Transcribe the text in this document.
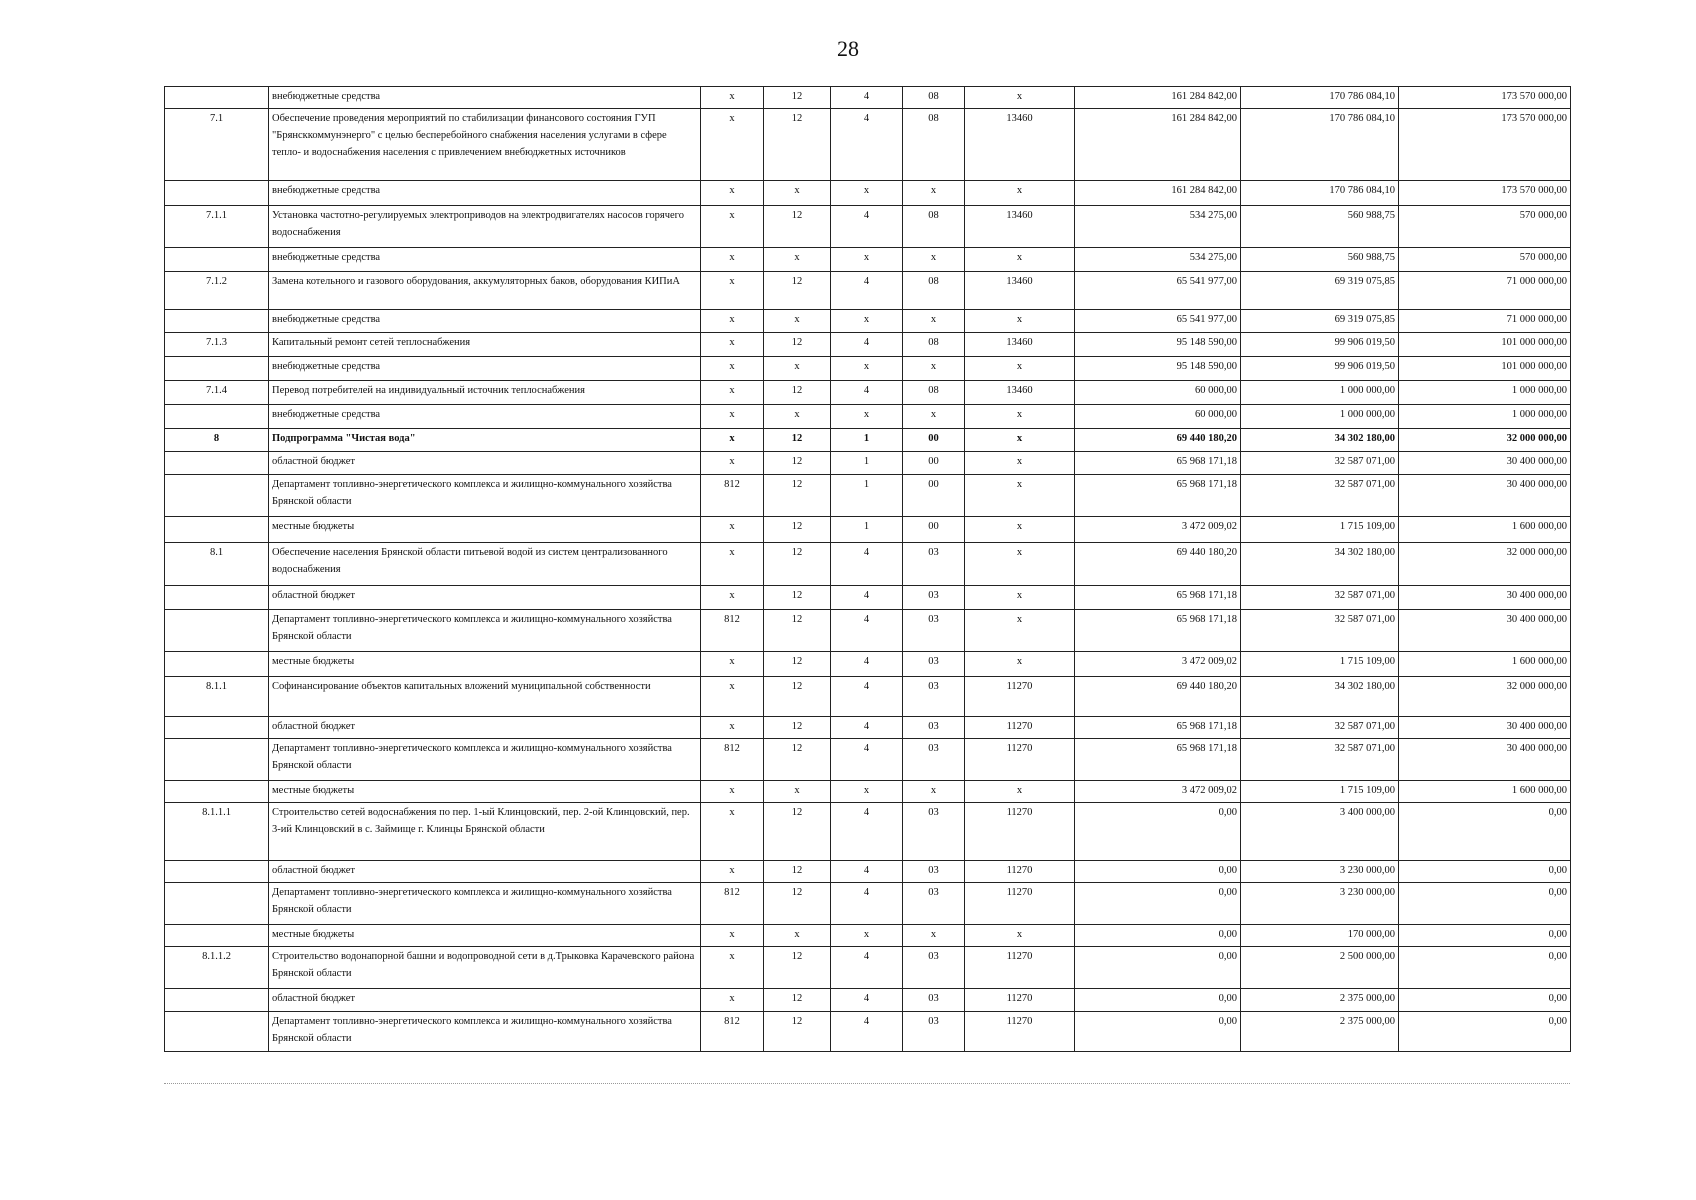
28
	внебюджетные средства	х	12	4	08	х	161 284 842,00	170 786 084,10	173 570 000,00
7.1	Обеспечение проведения мероприятий по стабилизации финансового состояния ГУП "Брянсккоммунэнерго" с целью бесперебойного снабжения населения услугами в сфере тепло- и водоснабжения населения с привлечением внебюджетных источников	х	12	4	08	13460	161 284 842,00	170 786 084,10	173 570 000,00
	внебюджетные средства	х	х	х	х	х	161 284 842,00	170 786 084,10	173 570 000,00
7.1.1	Установка частотно-регулируемых электроприводов на электродвигателях насосов горячего водоснабжения	х	12	4	08	13460	534 275,00	560 988,75	570 000,00
	внебюджетные средства	х	х	х	х	х	534 275,00	560 988,75	570 000,00
7.1.2	Замена котельного и газового оборудования, аккумуляторных баков, оборудования КИПиА	х	12	4	08	13460	65 541 977,00	69 319 075,85	71 000 000,00
	внебюджетные средства	х	х	х	х	х	65 541 977,00	69 319 075,85	71 000 000,00
7.1.3	Капитальный ремонт сетей теплоснабжения	х	12	4	08	13460	95 148 590,00	99 906 019,50	101 000 000,00
	внебюджетные средства	х	х	х	х	х	95 148 590,00	99 906 019,50	101 000 000,00
7.1.4	Перевод потребителей на индивидуальный источник теплоснабжения	х	12	4	08	13460	60 000,00	1 000 000,00	1 000 000,00
	внебюджетные средства	х	х	х	х	х	60 000,00	1 000 000,00	1 000 000,00
8	Подпрограмма "Чистая вода"	х	12	1	00	х	69 440 180,20	34 302 180,00	32 000 000,00
	областной бюджет	х	12	1	00	х	65 968 171,18	32 587 071,00	30 400 000,00
	Департамент топливно-энергетического комплекса и жилищно-коммунального хозяйства Брянской области	812	12	1	00	х	65 968 171,18	32 587 071,00	30 400 000,00
	местные бюджеты	х	12	1	00	х	3 472 009,02	1 715 109,00	1 600 000,00
8.1	Обеспечение населения Брянской области питьевой водой из систем централизованного водоснабжения	х	12	4	03	х	69 440 180,20	34 302 180,00	32 000 000,00
	областной бюджет	х	12	4	03	х	65 968 171,18	32 587 071,00	30 400 000,00
	Департамент топливно-энергетического комплекса и жилищно-коммунального хозяйства Брянской области	812	12	4	03	х	65 968 171,18	32 587 071,00	30 400 000,00
	местные бюджеты	х	12	4	03	х	3 472 009,02	1 715 109,00	1 600 000,00
8.1.1	Софинансирование объектов капитальных вложений муниципальной собственности	х	12	4	03	11270	69 440 180,20	34 302 180,00	32 000 000,00
	областной бюджет	х	12	4	03	11270	65 968 171,18	32 587 071,00	30 400 000,00
	Департамент топливно-энергетического комплекса и жилищно-коммунального хозяйства Брянской области	812	12	4	03	11270	65 968 171,18	32 587 071,00	30 400 000,00
	местные бюджеты	х	х	х	х	х	3 472 009,02	1 715 109,00	1 600 000,00
8.1.1.1	Строительство сетей водоснабжения по пер. 1-ый Клинцовский, пер. 2-ой Клинцовский, пер. 3-ий Клинцовский в с. Займище г. Клинцы Брянской области	х	12	4	03	11270	0,00	3 400 000,00	0,00
	областной бюджет	х	12	4	03	11270	0,00	3 230 000,00	0,00
	Департамент топливно-энергетического комплекса и жилищно-коммунального хозяйства Брянской области	812	12	4	03	11270	0,00	3 230 000,00	0,00
	местные бюджеты	х	х	х	х	х	0,00	170 000,00	0,00
8.1.1.2	Строительство водонапорной башни и водопроводной сети в д.Трыковка Карачевского района Брянской области	х	12	4	03	11270	0,00	2 500 000,00	0,00
	областной бюджет	х	12	4	03	11270	0,00	2 375 000,00	0,00
	Департамент топливно-энергетического комплекса и жилищно-коммунального хозяйства Брянской области	812	12	4	03	11270	0,00	2 375 000,00	0,00
